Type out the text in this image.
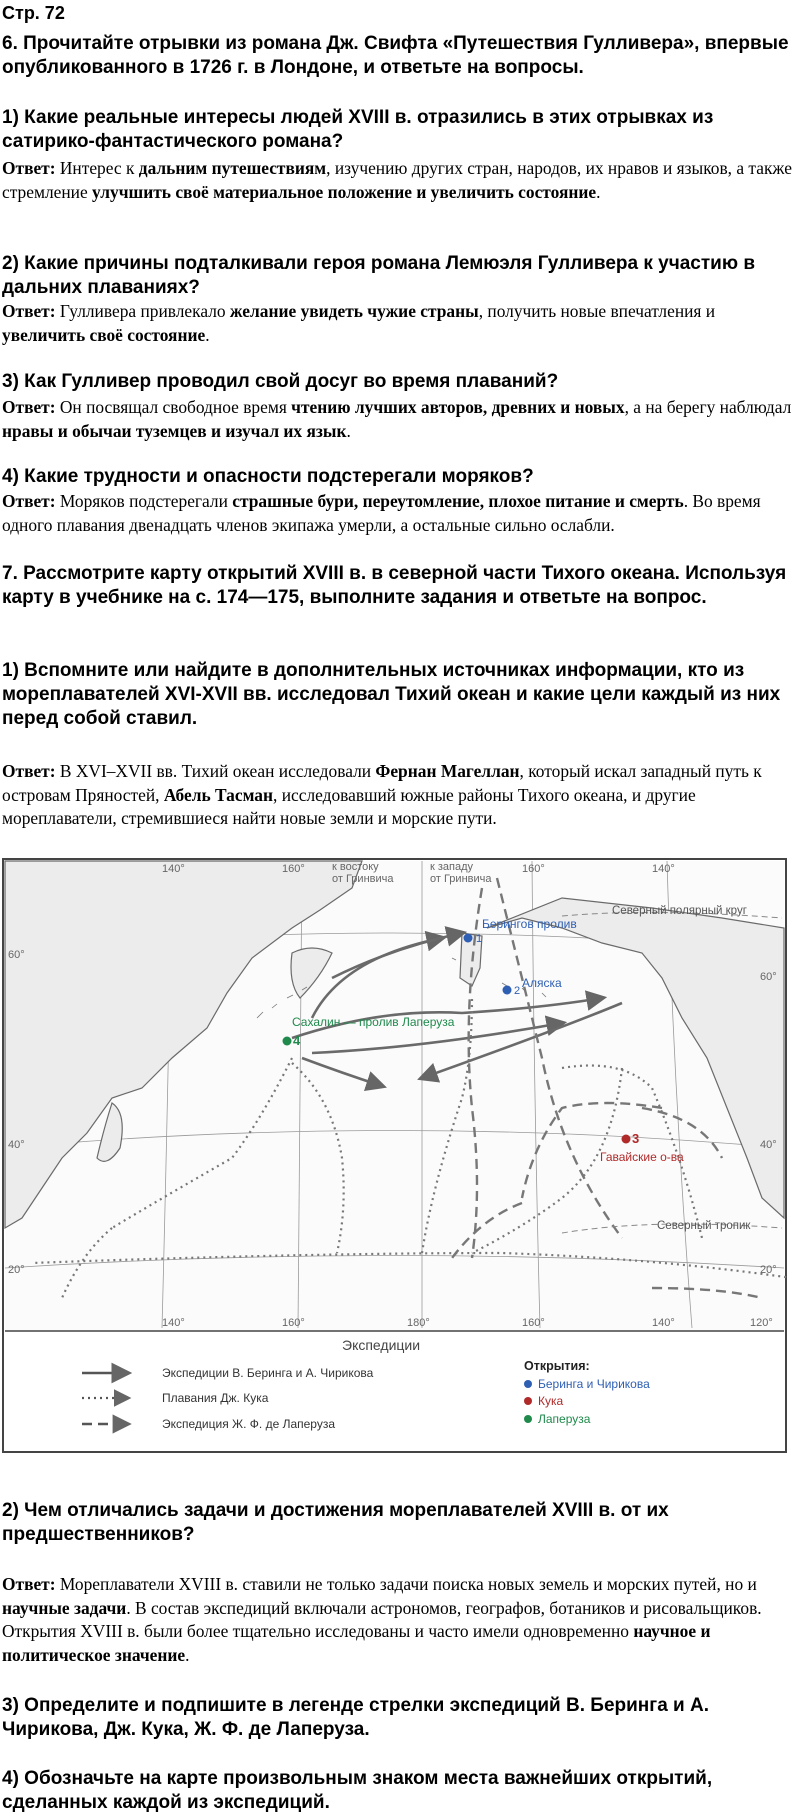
Стр. 72
6. Прочитайте отрывки из романа Дж. Свифта «Путешествия Гулливера», впервые опубликованного в 1726 г. в Лондоне, и ответьте на вопросы.
1) Какие реальные интересы людей XVIII в. отразились в этих отрывках из сатирико-фантастического романа?
Ответ: Интерес к дальним путешествиям, изучению других стран, народов, их нравов и языков, а также стремление улучшить своё материальное положение и увеличить состояние.
2) Какие причины подталкивали героя романа Лемюэля Гулливера к участию в дальних плаваниях?
Ответ: Гулливера привлекало желание увидеть чужие страны, получить новые впечатления и увеличить своё состояние.
3) Как Гулливер проводил свой досуг во время плаваний?
Ответ: Он посвящал свободное время чтению лучших авторов, древних и новых, а на берегу наблюдал нравы и обычаи туземцев и изучал их язык.
4) Какие трудности и опасности подстерегали моряков?
Ответ: Моряков подстерегали страшные бури, переутомление, плохое питание и смерть. Во время одного плавания двенадцать членов экипажа умерли, а остальные сильно ослабли.
7. Рассмотрите карту открытий XVIII в. в северной части Тихого океана. Используя карту в учебнике на с. 174—175, выполните задания и ответьте на вопрос.
1) Вспомните или найдите в дополнительных источниках информации, кто из мореплавателей XVI-XVII вв. исследовал Тихий океан и какие цели каждый из них перед собой ставил.
Ответ: В XVI–XVII вв. Тихий океан исследовали Фернан Магеллан, который искал западный путь к островам Пряностей, Абель Тасман, исследовавший южные районы Тихого океана, и другие мореплаватели, стремившиеся найти новые земли и морские пути.
Северный полярный круг
Северный тропик
140°	160° к востоку
от Гринвича
к западу
от Гринвича
160°	140°
140°	160°	180°	160°	140°	120°
60°
40°
20°
60°
40°
20°
1
Берингов пролив
2
Аляска
3
Гавайские о-ва
4
Сахалин — пролив Лаперуза
Экспедиции
Экспедиции В. Беринга и А. Чирикова
Плавания Дж. Кука
Экспедиция Ж. Ф. де Лаперуза
Открытия:
Беринга и Чирикова
Кука
Лаперуза
2) Чем отличались задачи и достижения мореплавателей XVIII в. от их предшественников?
Ответ: Мореплаватели XVIII в. ставили не только задачи поиска новых земель и морских путей, но и научные задачи. В состав экспедиций включали астрономов, географов, ботаников и рисовальщиков. Открытия XVIII в. были более тщательно исследованы и часто имели одновременно научное и политическое значение.
3) Определите и подпишите в легенде стрелки экспедиций В. Беринга и А. Чирикова, Дж. Кука, Ж. Ф. де Лаперуза.
4) Обозначьте на карте произвольным знаком места важнейших открытий, сделанных каждой из экспедиций.
